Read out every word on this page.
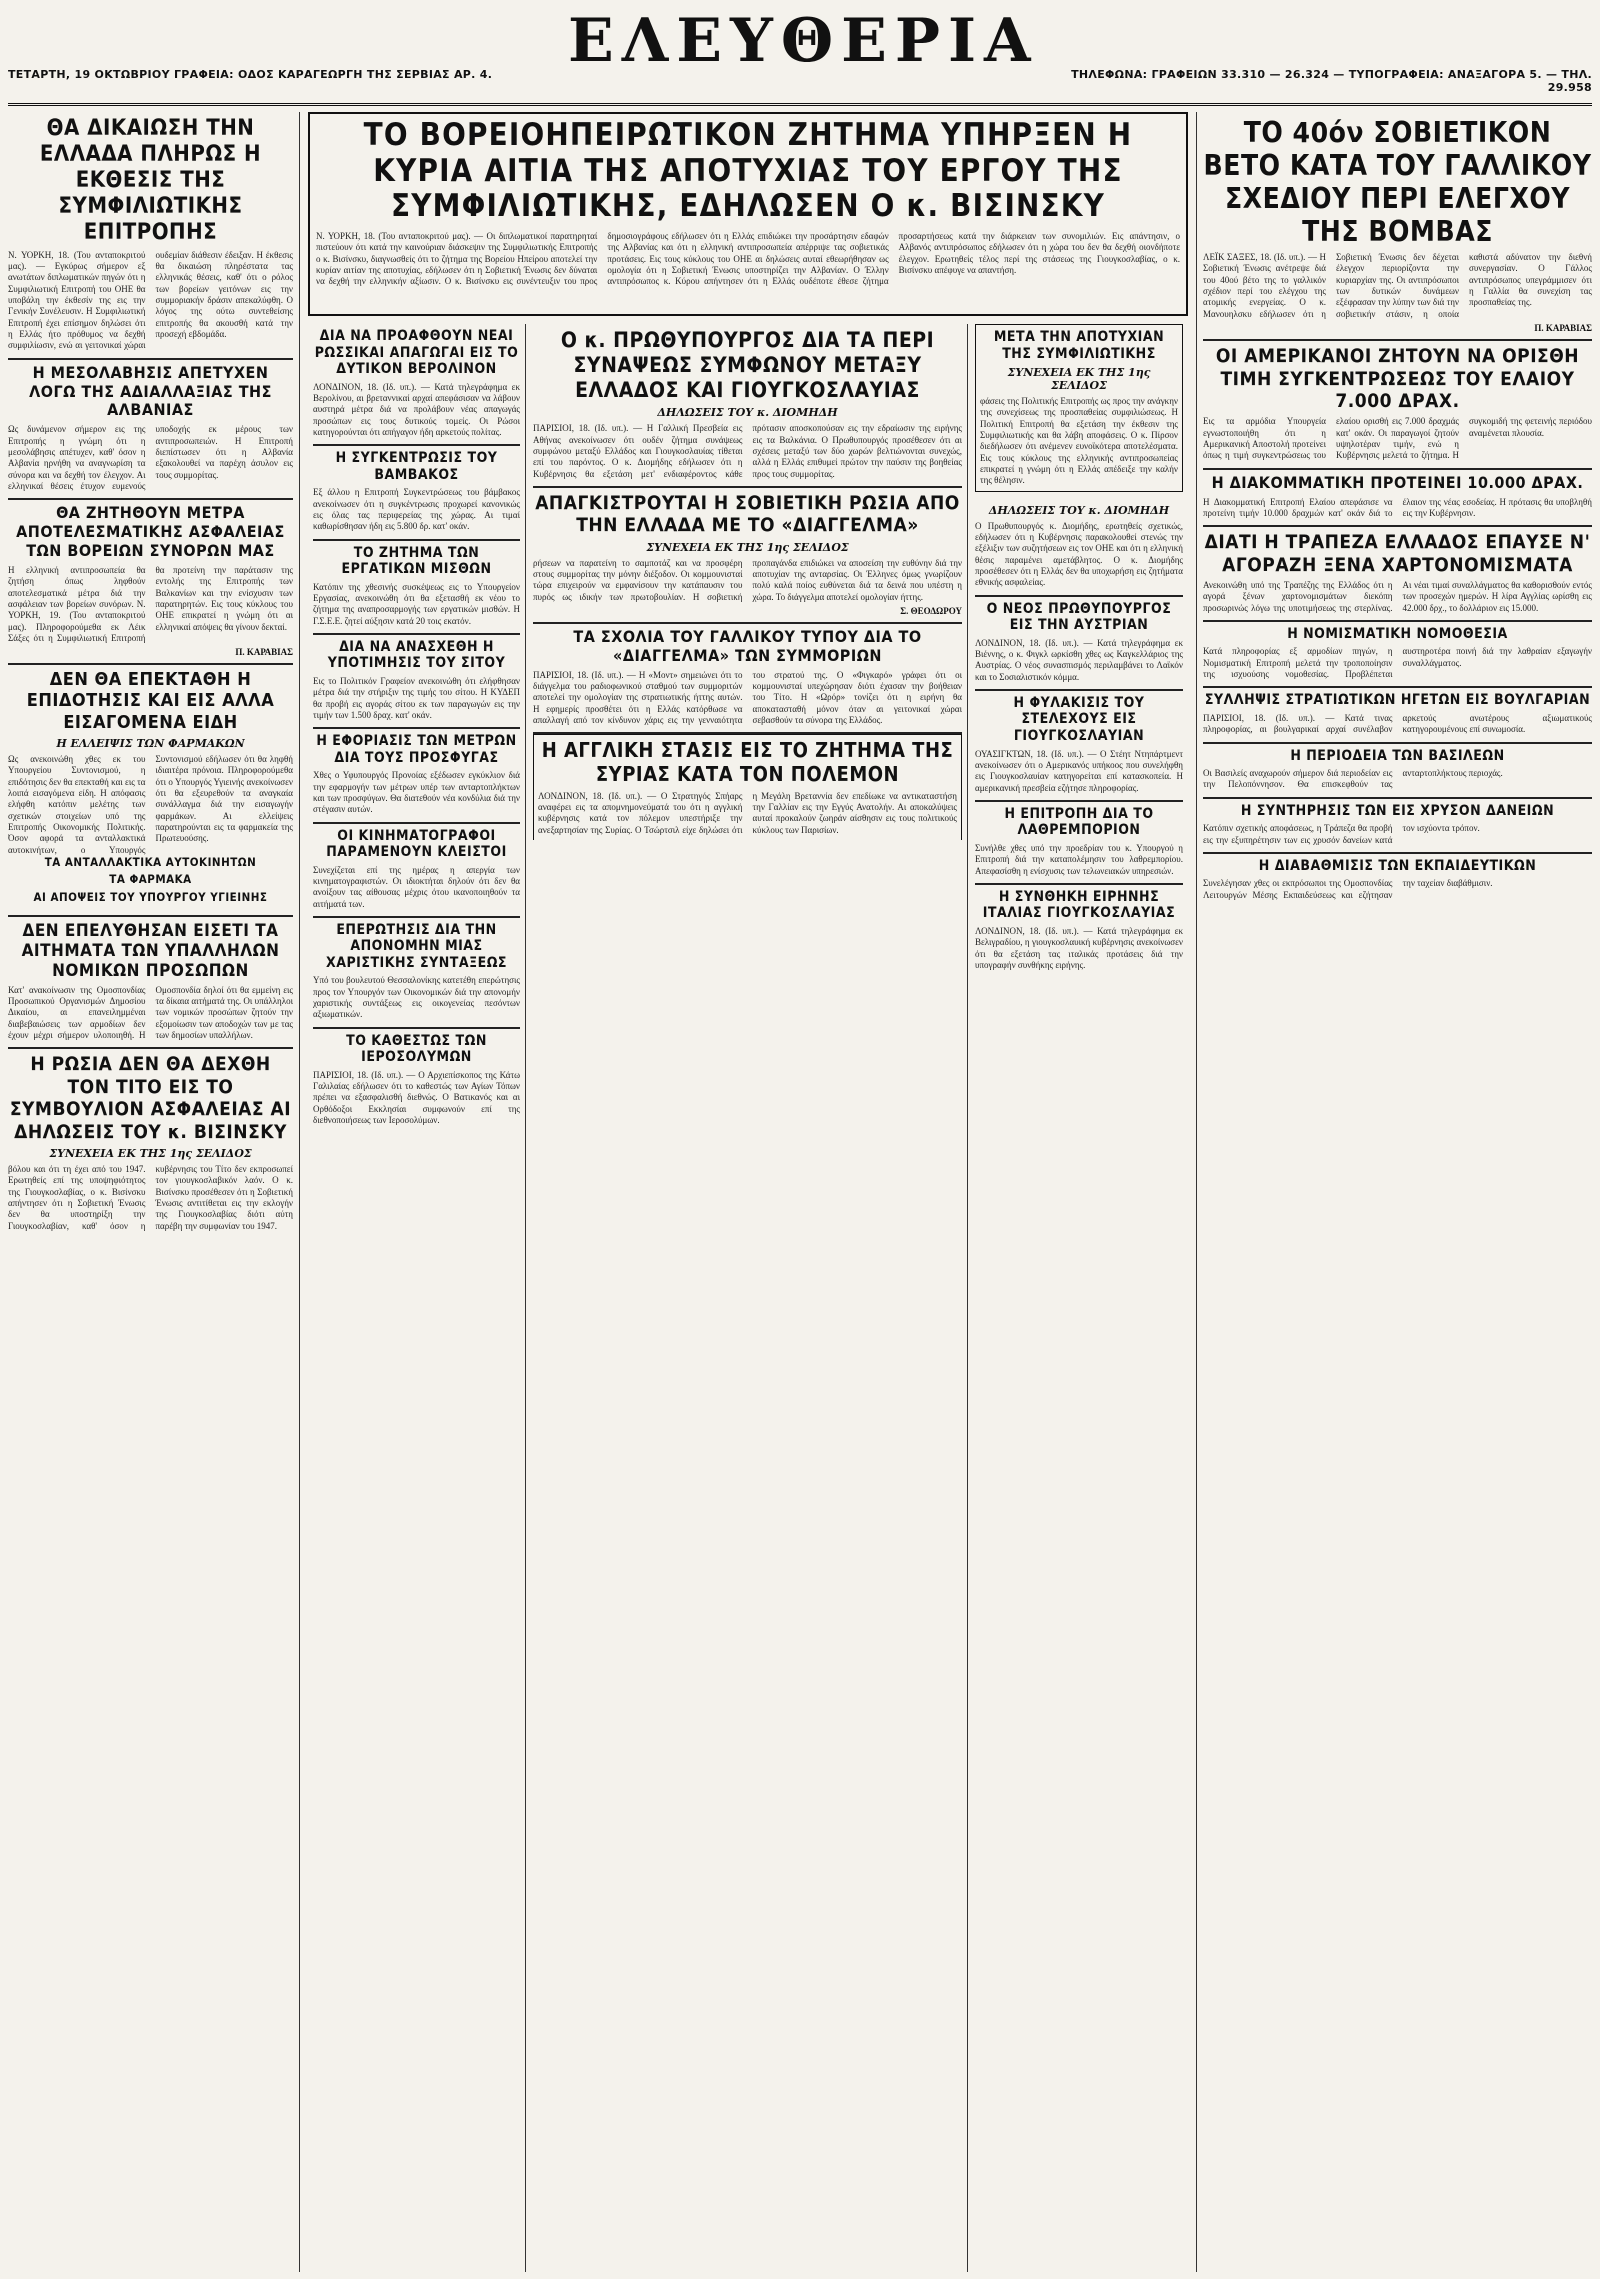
ΤΕΤΑΡΤΗ, 19 ΟΚΤΩΒΡΙΟΥ ΓΡΑΦΕΙΑ: ΟΔΟΣ ΚΑΡΑΓΕΩΡΓΗ ΤΗΣ ΣΕΡΒΙΑΣ ΑΡ. 4.	ΕΛΕΥΘΕΡΙΑ	ΤΗΛΕΦΩΝΑ: ΓΡΑΦΕΙΩΝ 33.310 — 26.324 — ΤΥΠΟΓΡΑΦΕΙΑ: ΑΝΑΞΑΓΟΡΑ 5. — ΤΗΛ. 29.958
ΘΑ ΔΙΚΑΙΩΣΗ ΤΗΝ ΕΛΛΑΔΑ ΠΛΗΡΩΣ Η ΕΚΘΕΣΙΣ ΤΗΣ ΣΥΜΦΙΛΙΩΤΙΚΗΣ ΕΠΙΤΡΟΠΗΣ
Ν. ΥΟΡΚΗ, 18. (Του ανταποκριτού μας). — Εγκύρως σήμερον εξ ανωτάτων διπλωματικών πηγών ότι η Συμφιλιωτική Επιτροπή του ΟΗΕ θα υποβάλη την έκθεσίν της εις την Γενικήν Συνέλευσιν. Η Συμφιλιωτική Επιτροπή έχει επίσημον δηλώσει ότι η Ελλάς ήτο πρόθυμος να δεχθή συμφιλίωσιν, ενώ αι γειτονικαί χώραι ουδεμίαν διάθεσιν έδειξαν. Η έκθεσις θα δικαιώση πληρέστατα τας ελληνικάς θέσεις, καθ' ότι ο ρόλος των βορείων γειτόνων εις την συμμοριακήν δράσιν απεκαλύφθη. Ο λόγος της ούτω συντεθείσης επιτροπής θα ακουσθή κατά την προσεχή εβδομάδα.
Η ΜΕΣΟΛΑΒΗΣΙΣ ΑΠΕΤΥΧΕΝ ΛΟΓΩ ΤΗΣ ΑΔΙΑΛΛΑΞΙΑΣ ΤΗΣ ΑΛΒΑΝΙΑΣ
Ως δυνάμενον σήμερον εις της Επιτροπής η γνώμη ότι η μεσολάβησις απέτυχεν, καθ' όσον η Αλβανία ηρνήθη να αναγνωρίση τα σύνορα και να δεχθή τον έλεγχον. Αι ελληνικαί θέσεις έτυχον ευμενούς υποδοχής εκ μέρους των αντιπροσωπειών. Η Επιτροπή διεπίστωσεν ότι η Αλβανία εξακολουθεί να παρέχη άσυλον εις τους συμμορίτας.
ΘΑ ΖΗΤΗΘΟΥΝ ΜΕΤΡΑ ΑΠΟΤΕΛΕΣΜΑΤΙΚΗΣ ΑΣΦΑΛΕΙΑΣ ΤΩΝ ΒΟΡΕΙΩΝ ΣΥΝΟΡΩΝ ΜΑΣ
Η ελληνική αντιπροσωπεία θα ζητήση όπως ληφθούν αποτελεσματικά μέτρα διά την ασφάλειαν των βορείων συνόρων. Ν. ΥΟΡΚΗ, 19. (Του ανταποκριτού μας). Πληροφορούμεθα εκ Λέικ Σάξες ότι η Συμφιλιωτική Επιτροπή θα προτείνη την παράτασιν της εντολής της Επιτροπής των Βαλκανίων και την ενίσχυσιν των παρατηρητών. Εις τους κύκλους του ΟΗΕ επικρατεί η γνώμη ότι αι ελληνικαί απόψεις θα γίνουν δεκταί.
Π. ΚΑΡΑΒΙΑΣ
ΔΕΝ ΘΑ ΕΠΕΚΤΑΘΗ Η ΕΠΙΔΟΤΗΣΙΣ ΚΑΙ ΕΙΣ ΑΛΛΑ ΕΙΣΑΓΟΜΕΝΑ ΕΙΔΗ
Η ΕΛΛΕΙΨΙΣ ΤΩΝ ΦΑΡΜΑΚΩΝ
Ως ανεκοινώθη χθες εκ του Υπουργείου Συντονισμού, η επιδότησις δεν θα επεκταθή και εις τα λοιπά εισαγόμενα είδη. Η απόφασις ελήφθη κατόπιν μελέτης των σχετικών στοιχείων υπό της Επιτροπής Οικονομικής Πολιτικής. Όσον αφορά τα ανταλλακτικά αυτοκινήτων, ο Υπουργός Συντονισμού εδήλωσεν ότι θα ληφθή ιδιαιτέρα πρόνοια. Πληροφορούμεθα ότι ο Υπουργός Υγιεινής ανεκοίνωσεν ότι θα εξευρεθούν τα αναγκαία συνάλλαγμα διά την εισαγωγήν φαρμάκων. Αι ελλείψεις παρατηρούνται εις τα φαρμακεία της Πρωτευούσης.
ΤΑ ΑΝΤΑΛΛΑΚΤΙΚΑ ΑΥΤΟΚΙΝΗΤΩΝ
ΤΑ ΦΑΡΜΑΚΑ
ΑΙ ΑΠΟΨΕΙΣ ΤΟΥ ΥΠΟΥΡΓΟΥ ΥΓΙΕΙΝΗΣ
ΔΕΝ ΕΠΕΛΥΘΗΣΑΝ ΕΙΣΕΤΙ ΤΑ ΑΙΤΗΜΑΤΑ ΤΩΝ ΥΠΑΛΛΗΛΩΝ ΝΟΜΙΚΩΝ ΠΡΟΣΩΠΩΝ
Κατ' ανακοίνωσιν της Ομοσπονδίας Προσωπικού Οργανισμών Δημοσίου Δικαίου, αι επανειλημμέναι διαβεβαιώσεις των αρμοδίων δεν έχουν μέχρι σήμερον υλοποιηθή. Η Ομοσπονδία δηλοί ότι θα εμμείνη εις τα δίκαια αιτήματά της. Οι υπάλληλοι των νομικών προσώπων ζητούν την εξομοίωσιν των αποδοχών των με τας των δημοσίων υπαλλήλων.
Η ΡΩΣΙΑ ΔΕΝ ΘΑ ΔΕΧΘΗ ΤΟΝ ΤΙΤΟ ΕΙΣ ΤΟ ΣΥΜΒΟΥΛΙΟΝ ΑΣΦΑΛΕΙΑΣ ΑΙ ΔΗΛΩΣΕΙΣ ΤΟΥ κ. ΒΙΣΙΝΣΚΥ
ΣΥΝΕΧΕΙΑ ΕΚ ΤΗΣ 1ης ΣΕΛΙΔΟΣ
βόλου και ότι τη έχει από του 1947. Ερωτηθείς επί της υποψηφιότητος της Γιουγκοσλαβίας, ο κ. Βισίνσκυ απήντησεν ότι η Σοβιετική Ένωσις δεν θα υποστηρίξη την Γιουγκοσλαβίαν, καθ' όσον η κυβέρνησις του Τίτο δεν εκπροσωπεί τον γιουγκοσλαβικόν λαόν. Ο κ. Βισίνσκυ προσέθεσεν ότι η Σοβιετική Ένωσις αντιτίθεται εις την εκλογήν της Γιουγκοσλαβίας διότι αύτη παρέβη την συμφωνίαν του 1947.
ΤΟ ΒΟΡΕΙΟΗΠΕΙΡΩΤΙΚΟΝ ΖΗΤΗΜΑ ΥΠΗΡΞΕΝ Η ΚΥΡΙΑ ΑΙΤΙΑ ΤΗΣ ΑΠΟΤΥΧΙΑΣ ΤΟΥ ΕΡΓΟΥ ΤΗΣ ΣΥΜΦΙΛΙΩΤΙΚΗΣ, ΕΔΗΛΩΣΕΝ Ο κ. ΒΙΣΙΝΣΚΥ
Ν. ΥΟΡΚΗ, 18. (Του ανταποκριτού μας). — Οι διπλωματικοί παρατηρηταί πιστεύουν ότι κατά την καινούριαν διάσκεψιν της Συμφιλιωτικής Επιτροπής ο κ. Βισίνσκυ, διαγνωσθείς ότι το ζήτημα της Βορείου Ηπείρου αποτελεί την κυρίαν αιτίαν της αποτυχίας, εδήλωσεν ότι η Σοβιετική Ένωσις δεν δύναται να δεχθή την ελληνικήν αξίωσιν. Ο κ. Βισίνσκυ εις συνέντευξιν του προς δημοσιογράφους εδήλωσεν ότι η Ελλάς επιδιώκει την προσάρτησιν εδαφών της Αλβανίας και ότι η ελληνική αντιπροσωπεία απέρριψε τας σοβιετικάς προτάσεις. Εις τους κύκλους του ΟΗΕ αι δηλώσεις αυταί εθεωρήθησαν ως ομολογία ότι η Σοβιετική Ένωσις υποστηρίζει την Αλβανίαν. Ο Έλλην αντιπρόσωπος κ. Κύρου απήντησεν ότι η Ελλάς ουδέποτε έθεσε ζήτημα προσαρτήσεως κατά την διάρκειαν των συνομιλιών. Εις απάντησιν, ο Αλβανός αντιπρόσωπος εδήλωσεν ότι η χώρα του δεν θα δεχθή οιονδήποτε έλεγχον. Ερωτηθείς τέλος περί της στάσεως της Γιουγκοσλαβίας, ο κ. Βισίνσκυ απέφυγε να απαντήση.
ΔΙΑ ΝΑ ΠΡΟΑΦΘΟΥΝ ΝΕΑΙ ΡΩΣΣΙΚΑΙ ΑΠΑΓΩΓΑΙ ΕΙΣ ΤΟ ΔΥΤΙΚΟΝ ΒΕΡΟΛΙΝΟΝ
ΛΟΝΔΙΝΟΝ, 18. (Ιδ. υπ.). — Κατά τηλεγράφημα εκ Βερολίνου, αι βρεταννικαί αρχαί απεφάσισαν να λάβουν αυστηρά μέτρα διά να προλάβουν νέας απαγωγάς προσώπων εις τους δυτικούς τομείς. Οι Ρώσοι κατηγορούνται ότι απήγαγον ήδη αρκετούς πολίτας.
Η ΣΥΓΚΕΝΤΡΩΣΙΣ ΤΟΥ ΒΑΜΒΑΚΟΣ
Εξ άλλου η Επιτροπή Συγκεντρώσεως του βάμβακος ανεκοίνωσεν ότι η συγκέντρωσις προχωρεί κανονικώς εις όλας τας περιφερείας της χώρας. Αι τιμαί καθωρίσθησαν ήδη εις 5.800 δρ. κατ' οκάν.
ΤΟ ΖΗΤΗΜΑ ΤΩΝ ΕΡΓΑΤΙΚΩΝ ΜΙΣΘΩΝ
Κατόπιν της χθεσινής συσκέψεως εις το Υπουργείον Εργασίας, ανεκοινώθη ότι θα εξετασθή εκ νέου το ζήτημα της αναπροσαρμογής των εργατικών μισθών. Η Γ.Σ.Ε.Ε. ζητεί αύξησιν κατά 20 τοις εκατόν.
ΔΙΑ ΝΑ ΑΝΑΣΧΕΘΗ Η ΥΠΟΤΙΜΗΣΙΣ ΤΟΥ ΣΙΤΟΥ
Εις το Πολιτικόν Γραφείον ανεκοινώθη ότι ελήφθησαν μέτρα διά την στήριξιν της τιμής του σίτου. Η ΚΥΔΕΠ θα προβή εις αγοράς σίτου εκ των παραγωγών εις την τιμήν των 1.500 δραχ. κατ' οκάν.
Η ΕΦΟΡΙΑΣΙΣ ΤΩΝ ΜΕΤΡΩΝ ΔΙΑ ΤΟΥΣ ΠΡΟΣΦΥΓΑΣ
Χθες ο Υφυπουργός Προνοίας εξέδωσεν εγκύκλιον διά την εφαρμογήν των μέτρων υπέρ των ανταρτοπλήκτων και των προσφύγων. Θα διατεθούν νέα κονδύλια διά την στέγασιν αυτών.
ΟΙ ΚΙΝΗΜΑΤΟΓΡΑΦΟΙ ΠΑΡΑΜΕΝΟΥΝ ΚΛΕΙΣΤΟΙ
Συνεχίζεται επί της ημέρας η απεργία των κινηματογραφιστών. Οι ιδιοκτήται δηλούν ότι δεν θα ανοίξουν τας αίθουσας μέχρις ότου ικανοποιηθούν τα αιτήματά των.
ΕΠΕΡΩΤΗΣΙΣ ΔΙΑ ΤΗΝ ΑΠΟΝΟΜΗΝ ΜΙΑΣ ΧΑΡΙΣΤΙΚΗΣ ΣΥΝΤΑΞΕΩΣ
Υπό του βουλευτού Θεσσαλονίκης κατετέθη επερώτησις προς τον Υπουργόν των Οικονομικών διά την απονομήν χαριστικής συντάξεως εις οικογενείας πεσόντων αξιωματικών.
ΤΟ ΚΑΘΕΣΤΩΣ ΤΩΝ ΙΕΡΟΣΟΛΥΜΩΝ
ΠΑΡΙΣΙΟΙ, 18. (Ιδ. υπ.). — Ο Αρχιεπίσκοπος της Κάτω Γαλιλαίας εδήλωσεν ότι το καθεστώς των Αγίων Τόπων πρέπει να εξασφαλισθή διεθνώς. Ο Βατικανός και αι Ορθόδοξοι Εκκλησίαι συμφωνούν επί της διεθνοποιήσεως των Ιεροσολύμων.
Ο κ. ΠΡΩΘΥΠΟΥΡΓΟΣ ΔΙΑ ΤΑ ΠΕΡΙ ΣΥΝΑΨΕΩΣ ΣΥΜΦΩΝΟΥ ΜΕΤΑΞΥ ΕΛΛΑΔΟΣ ΚΑΙ ΓΙΟΥΓΚΟΣΛΑΥΙΑΣ
ΔΗΛΩΣΕΙΣ ΤΟΥ κ. ΔΙΟΜΗΔΗ
ΠΑΡΙΣΙΟΙ, 18. (Ιδ. υπ.). — Η Γαλλική Πρεσβεία εις Αθήνας ανεκοίνωσεν ότι ουδέν ζήτημα συνάψεως συμφώνου μεταξύ Ελλάδος και Γιουγκοσλαυίας τίθεται επί του παρόντος. Ο κ. Διομήδης εδήλωσεν ότι η Κυβέρνησις θα εξετάση μετ' ενδιαφέροντος κάθε πρότασιν αποσκοπούσαν εις την εδραίωσιν της ειρήνης εις τα Βαλκάνια. Ο Πρωθυπουργός προσέθεσεν ότι αι σχέσεις μεταξύ των δύο χωρών βελτιώνονται συνεχώς, αλλά η Ελλάς επιθυμεί πρώτον την παύσιν της βοηθείας προς τους συμμορίτας.
ΑΠΑΓΚΙΣΤΡΟΥΤΑΙ Η ΣΟΒΙΕΤΙΚΗ ΡΩΣΙΑ ΑΠΟ ΤΗΝ ΕΛΛΑΔΑ ΜΕ ΤΟ «ΔΙΑΓΓΕΛΜΑ»
ΣΥΝΕΧΕΙΑ ΕΚ ΤΗΣ 1ης ΣΕΛΙΔΟΣ
ρήσεων να παρατείνη το σαμποτάζ και να προσφέρη στους συμμορίτας την μόνην διέξοδον. Οι κομμουνισταί τώρα επιχειρούν να εμφανίσουν την κατάπαυσιν του πυρός ως ιδικήν των πρωτοβουλίαν. Η σοβιετική προπαγάνδα επιδιώκει να αποσείση την ευθύνην διά την αποτυχίαν της ανταρσίας. Οι Έλληνες όμως γνωρίζουν πολύ καλά ποίος ευθύνεται διά τα δεινά που υπέστη η χώρα. Το διάγγελμα αποτελεί ομολογίαν ήττης.
Σ. ΘΕΟΔΩΡΟΥ
ΤΑ ΣΧΟΛΙΑ ΤΟΥ ΓΑΛΛΙΚΟΥ ΤΥΠΟΥ ΔΙΑ ΤΟ «ΔΙΑΓΓΕΛΜΑ» ΤΩΝ ΣΥΜΜΟΡΙΩΝ
ΠΑΡΙΣΙΟΙ, 18. (Ιδ. υπ.). — Η «Μοντ» σημειώνει ότι το διάγγελμα του ραδιοφωνικού σταθμού των συμμοριτών αποτελεί την ομολογίαν της στρατιωτικής ήττης αυτών. Η εφημερίς προσθέτει ότι η Ελλάς κατόρθωσε να απαλλαγή από τον κίνδυνον χάρις εις την γενναιότητα του στρατού της. Ο «Φιγκαρό» γράφει ότι οι κομμουνισταί υπεχώρησαν διότι έχασαν την βοήθειαν του Τίτο. Η «Ωρόρ» τονίζει ότι η ειρήνη θα αποκατασταθή μόνον όταν αι γειτονικαί χώραι σεβασθούν τα σύνορα της Ελλάδος.
Η ΑΓΓΛΙΚΗ ΣΤΑΣΙΣ ΕΙΣ ΤΟ ΖΗΤΗΜΑ ΤΗΣ ΣΥΡΙΑΣ ΚΑΤΑ ΤΟΝ ΠΟΛΕΜΟΝ
ΛΟΝΔΙΝΟΝ, 18. (Ιδ. υπ.). — Ο Στρατηγός Σπήαρς αναφέρει εις τα απομνημονεύματά του ότι η αγγλική κυβέρνησις κατά τον πόλεμον υπεστήριξε την ανεξαρτησίαν της Συρίας. Ο Τσώρτσιλ είχε δηλώσει ότι η Μεγάλη Βρεταννία δεν επεδίωκε να αντικαταστήση την Γαλλίαν εις την Εγγύς Ανατολήν. Αι αποκαλύψεις αυταί προκαλούν ζωηράν αίσθησιν εις τους πολιτικούς κύκλους των Παρισίων.
ΜΕΤΑ ΤΗΝ ΑΠΟΤΥΧΙΑΝ ΤΗΣ ΣΥΜΦΙΛΙΩΤΙΚΗΣ
ΣΥΝΕΧΕΙΑ ΕΚ ΤΗΣ 1ης ΣΕΛΙΔΟΣ
φάσεις της Πολιτικής Επιτροπής ως προς την ανάγκην της συνεχίσεως της προσπαθείας συμφιλιώσεως. Η Πολιτική Επιτροπή θα εξετάση την έκθεσιν της Συμφιλιωτικής και θα λάβη αποφάσεις. Ο κ. Πίρσον διεδήλωσεν ότι ανέμενεν ευνοϊκότερα αποτελέσματα. Εις τους κύκλους της ελληνικής αντιπροσωπείας επικρατεί η γνώμη ότι η Ελλάς απέδειξε την καλήν της θέλησιν.
ΔΗΛΩΣΕΙΣ ΤΟΥ κ. ΔΙΟΜΗΔΗ
Ο Πρωθυπουργός κ. Διομήδης, ερωτηθείς σχετικώς, εδήλωσεν ότι η Κυβέρνησις παρακολουθεί στενώς την εξέλιξιν των συζητήσεων εις τον ΟΗΕ και ότι η ελληνική θέσις παραμένει αμετάβλητος. Ο κ. Διομήδης προσέθεσεν ότι η Ελλάς δεν θα υποχωρήση εις ζητήματα εθνικής ασφαλείας.
Ο ΝΕΟΣ ΠΡΩΘΥΠΟΥΡΓΟΣ ΕΙΣ ΤΗΝ ΑΥΣΤΡΙΑΝ
ΛΟΝΔΙΝΟΝ, 18. (Ιδ. υπ.). — Κατά τηλεγράφημα εκ Βιέννης, ο κ. Φιγκλ ωρκίσθη χθες ως Καγκελλάριος της Αυστρίας. Ο νέος συνασπισμός περιλαμβάνει το Λαϊκόν και το Σοσιαλιστικόν κόμμα.
Η ΦΥΛΑΚΙΣΙΣ ΤΟΥ ΣΤΕΛΕΧΟΥΣ ΕΙΣ ΓΙΟΥΓΚΟΣΛΑΥΙΑΝ
ΟΥΑΣΙΓΚΤΩΝ, 18. (Ιδ. υπ.). — Ο Στέητ Ντηπάρτμεντ ανεκοίνωσεν ότι ο Αμερικανός υπήκοος που συνελήφθη εις Γιουγκοσλαυίαν κατηγορείται επί κατασκοπεία. Η αμερικανική πρεσβεία εζήτησε πληροφορίας.
Η ΕΠΙΤΡΟΠΗ ΔΙΑ ΤΟ ΛΑΘΡΕΜΠΟΡΙΟΝ
Συνήλθε χθες υπό την προεδρίαν του κ. Υπουργού η Επιτροπή διά την καταπολέμησιν του λαθρεμπορίου. Απεφασίσθη η ενίσχυσις των τελωνειακών υπηρεσιών.
Η ΣΥΝΘΗΚΗ ΕΙΡΗΝΗΣ ΙΤΑΛΙΑΣ ΓΙΟΥΓΚΟΣΛΑΥΙΑΣ
ΛΟΝΔΙΝΟΝ, 18. (Ιδ. υπ.). — Κατά τηλεγράφημα εκ Βελιγραδίου, η γιουγκοσλαυική κυβέρνησις ανεκοίνωσεν ότι θα εξετάση τας ιταλικάς προτάσεις διά την υπογραφήν συνθήκης ειρήνης.
ΤΟ 40όν ΣΟΒΙΕΤΙΚΟΝ ΒΕΤΟ ΚΑΤΑ ΤΟΥ ΓΑΛΛΙΚΟΥ ΣΧΕΔΙΟΥ ΠΕΡΙ ΕΛΕΓΧΟΥ ΤΗΣ ΒΟΜΒΑΣ
ΛΕΪΚ ΣΑΞΕΣ, 18. (Ιδ. υπ.). — Η Σοβιετική Ένωσις ανέτρεψε διά του 40ού βέτο της το γαλλικόν σχέδιον περί του ελέγχου της ατομικής ενεργείας. Ο κ. Μανουηλσκυ εδήλωσεν ότι η Σοβιετική Ένωσις δεν δέχεται έλεγχον περιορίζοντα την κυριαρχίαν της. Οι αντιπρόσωποι των δυτικών δυνάμεων εξέφρασαν την λύπην των διά την σοβιετικήν στάσιν, η οποία καθιστά αδύνατον την διεθνή συνεργασίαν. Ο Γάλλος αντιπρόσωπος υπεγράμμισεν ότι η Γαλλία θα συνεχίση τας προσπαθείας της.
Π. ΚΑΡΑΒΙΑΣ
ΟΙ ΑΜΕΡΙΚΑΝΟΙ ΖΗΤΟΥΝ ΝΑ ΟΡΙΣΘΗ ΤΙΜΗ ΣΥΓΚΕΝΤΡΩΣΕΩΣ ΤΟΥ ΕΛΑΙΟΥ 7.000 ΔΡΑΧ.
Εις τα αρμόδια Υπουργεία εγνωστοποιήθη ότι η Αμερικανική Αποστολή προτείνει όπως η τιμή συγκεντρώσεως του ελαίου ορισθή εις 7.000 δραχμάς κατ' οκάν. Οι παραγωγοί ζητούν υψηλοτέραν τιμήν, ενώ η Κυβέρνησις μελετά το ζήτημα. Η συγκομιδή της φετεινής περιόδου αναμένεται πλουσία.
Η ΔΙΑΚΟΜΜΑΤΙΚΗ ΠΡΟΤΕΙΝΕΙ 10.000 ΔΡΑΧ.
Η Διακομματική Επιτροπή Ελαίου απεφάσισε να προτείνη τιμήν 10.000 δραχμών κατ' οκάν διά το έλαιον της νέας εσοδείας. Η πρότασις θα υποβληθή εις την Κυβέρνησιν.
ΔΙΑΤΙ Η ΤΡΑΠΕΖΑ ΕΛΛΑΔΟΣ ΕΠΑΥΣΕ Ν' ΑΓΟΡΑΖΗ ΞΕΝΑ ΧΑΡΤΟΝΟΜΙΣΜΑΤΑ
Ανεκοινώθη υπό της Τραπέζης της Ελλάδος ότι η αγορά ξένων χαρτονομισμάτων διεκόπη προσωρινώς λόγω της υποτιμήσεως της στερλίνας. Αι νέαι τιμαί συναλλάγματος θα καθορισθούν εντός των προσεχών ημερών. Η λίρα Αγγλίας ωρίσθη εις 42.000 δρχ., το δολλάριον εις 15.000.
Η ΝΟΜΙΣΜΑΤΙΚΗ ΝΟΜΟΘΕΣΙΑ
Κατά πληροφορίας εξ αρμοδίων πηγών, η Νομισματική Επιτροπή μελετά την τροποποίησιν της ισχυούσης νομοθεσίας. Προβλέπεται αυστηροτέρα ποινή διά την λαθραίαν εξαγωγήν συναλλάγματος.
ΣΥΛΛΗΨΙΣ ΣΤΡΑΤΙΩΤΙΚΩΝ ΗΓΕΤΩΝ ΕΙΣ ΒΟΥΛΓΑΡΙΑΝ
ΠΑΡΙΣΙΟΙ, 18. (Ιδ. υπ.). — Κατά τινας πληροφορίας, αι βουλγαρικαί αρχαί συνέλαβον αρκετούς ανωτέρους αξιωματικούς κατηγορουμένους επί συνωμοσία.
Η ΠΕΡΙΟΔΕΙΑ ΤΩΝ ΒΑΣΙΛΕΩΝ
Οι Βασιλείς αναχωρούν σήμερον διά περιοδείαν εις την Πελοπόννησον. Θα επισκεφθούν τας ανταρτοπλήκτους περιοχάς.
Η ΣΥΝΤΗΡΗΣΙΣ ΤΩΝ ΕΙΣ ΧΡΥΣΟΝ ΔΑΝΕΙΩΝ
Κατόπιν σχετικής αποφάσεως, η Τράπεζα θα προβή εις την εξυπηρέτησιν των εις χρυσόν δανείων κατά τον ισχύοντα τρόπον.
Η ΔΙΑΒΑΘΜΙΣΙΣ ΤΩΝ ΕΚΠΑΙΔΕΥΤΙΚΩΝ
Συνελέγησαν χθες οι εκπρόσωποι της Ομοσπονδίας Λειτουργών Μέσης Εκπαιδεύσεως και εζήτησαν την ταχείαν διαβάθμισιν.
